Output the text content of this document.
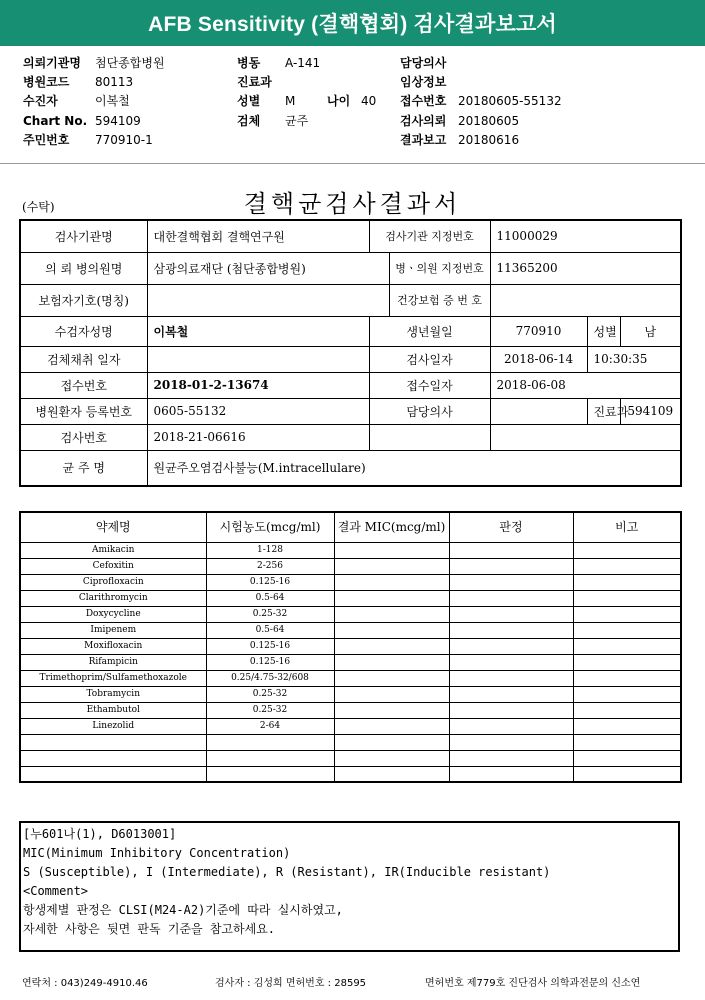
AFB Sensitivity (결핵협회) 검사결과보고서
의뢰기관명 첨단종합병원
병원코드 80113
수진자	이복철
Chart No. 594109
주민번호 770910-1
병동 A-141
진료과
성별 M	나이 40
검체 균주
담당의사
임상정보
접수번호 20180605-55132
검사의뢰 20180605
결과보고 20180616
(수탁)	결핵균검사결과서
검사기관명	대한결핵협회 결핵연구원	검사기관 지정번호		11000029		
의 뢰 병의원명	삼광의료재단 (첨단종합병원)		병ㆍ의원 지정번호	11365200		
보험자기호(명칭)			건강보험 증 번 호			
수검자성명	이복철	생년월일		770910	성별	남
검체채취 일자		검사일자		2018-06-14	10:30:35	
접수번호	2018-01-2-13674	접수일자		2018-06-08		
병원환자 등록번호	0605-55132	담당의사			진료과	594109
검사번호	2018-21-06616					
균 주 명	원균주오염검사불능(M.intracellulare)					
약제명	시험농도(mcg/ml)	결과 MIC(mcg/ml)	판정	비고
Amikacin	1-128			
Cefoxitin	2-256			
Ciprofloxacin	0.125-16			
Clarithromycin	0.5-64			
Doxycycline	0.25-32			
Imipenem	0.5-64			
Moxifloxacin	0.125-16			
Rifampicin	0.125-16			
Trimethoprim/Sulfamethoxazole	0.25/4.75-32/608			
Tobramycin	0.25-32			
Ethambutol	0.25-32			
Linezolid	2-64			

[누601나(1), D6013001]
MIC(Minimum Inhibitory Concentration)
S (Susceptible), I (Intermediate), R (Resistant), IR(Inducible resistant)
<Comment>
항생제별 판정은 CLSI(M24-A2)기준에 따라 실시하였고,
자세한 사항은 뒷면 판독 기준을 참고하세요.
연락처 : 043)249-4910.46	검사자 : 김성희 면허번호 : 28595	면허번호 제779호 진단검사 의학과전문의 신소연
